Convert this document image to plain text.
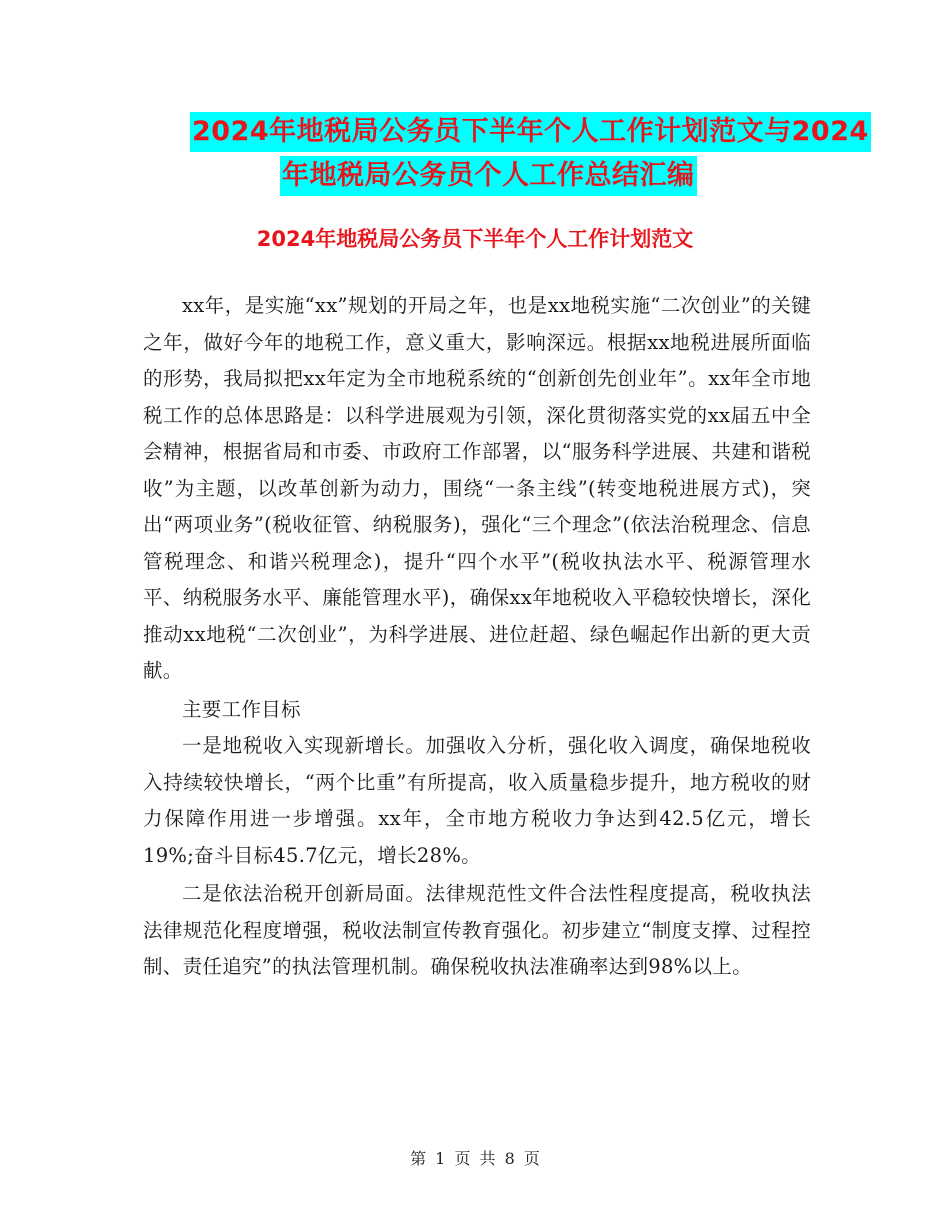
2024年地税局公务员下半年个人工作计划范文与2024
年地税局公务员个人工作总结汇编
2024年地税局公务员下半年个人工作计划范文

xx年，是实施“xx”规划的开局之年，也是xx地税实施“二次创业”的关键之年，做好今年的地税工作，意义重大，影响深远。根据xx地税进展所面临的形势，我局拟把xx年定为全市地税系统的“创新创先创业年”。xx年全市地税工作的总体思路是：以科学进展观为引领，深化贯彻落实党的xx届五中全会精神，根据省局和市委、市政府工作部署，以“服务科学进展、共建和谐税收”为主题，以改革创新为动力，围绕“一条主线”(转变地税进展方式)，突出“两项业务”(税收征管、纳税服务)，强化“三个理念”(依法治税理念、信息管税理念、和谐兴税理念)，提升“四个水平”(税收执法水平、税源管理水平、纳税服务水平、廉能管理水平)，确保xx年地税收入平稳较快增长，深化推动xx地税“二次创业”，为科学进展、进位赶超、绿色崛起作出新的更大贡献。

主要工作目标

一是地税收入实现新增长。加强收入分析，强化收入调度，确保地税收入持续较快增长，“两个比重”有所提高，收入质量稳步提升，地方税收的财力保障作用进一步增强。xx年，全市地方税收力争达到42.5亿元，增长19%;奋斗目标45.7亿元，增长28%。

二是依法治税开创新局面。法律规范性文件合法性程度提高，税收执法法律规范化程度增强，税收法制宣传教育强化。初步建立“制度支撑、过程控制、责任追究”的执法管理机制。确保税收执法准确率达到98%以上。

第 1 页 共 8 页
